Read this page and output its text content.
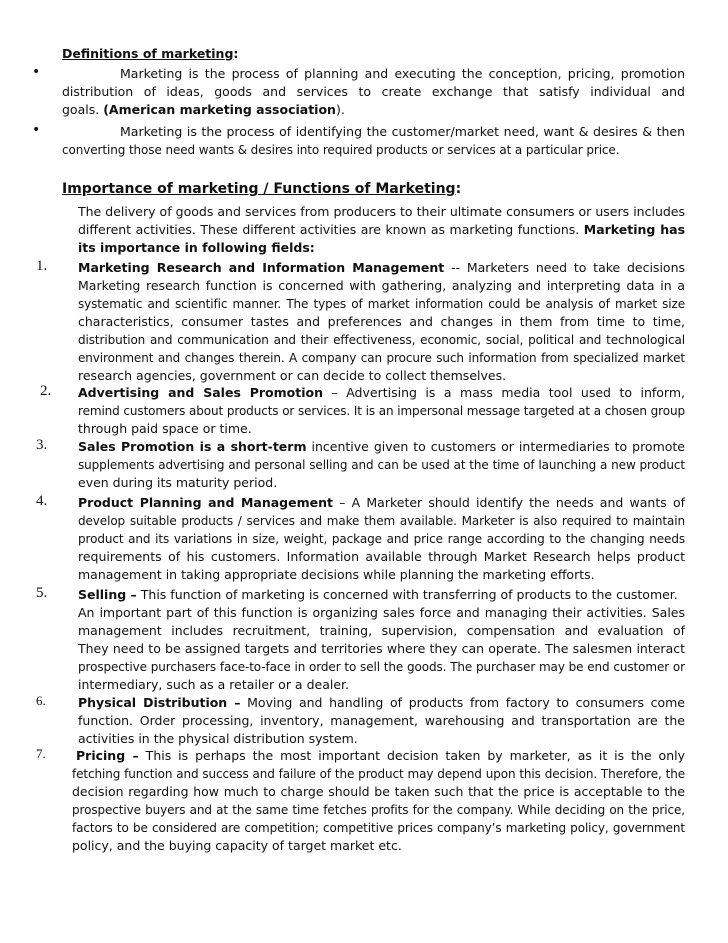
Definitions of marketing:
•	Marketing is the process of planning and executing the conception, pricing, promotion
distribution of ideas, goods and services to create exchange that satisfy individual and
goals. (American marketing association).
•	Marketing is the process of identifying the customer/market need, want & desires & then
converting those need wants & desires into required products or services at a particular price.
Importance of marketing / Functions of Marketing:
The delivery of goods and services from producers to their ultimate consumers or users includes
different activities. These different activities are known as marketing functions. Marketing has
its importance in following fields:
1. Marketing Research and Information Management -- Marketers need to take decisions
Marketing research function is concerned with gathering, analyzing and interpreting data in a
systematic and scientific manner. The types of market information could be analysis of market size
characteristics, consumer tastes and preferences and changes in them from time to time,
distribution and communication and their effectiveness, economic, social, political and technological
environment and changes therein. A company can procure such information from specialized market
research agencies, government or can decide to collect themselves.
2. Advertising and Sales Promotion – Advertising is a mass media tool used to inform,
remind customers about products or services. It is an impersonal message targeted at a chosen group
through paid space or time.
3. Sales Promotion is a short-term incentive given to customers or intermediaries to promote
supplements advertising and personal selling and can be used at the time of launching a new product
even during its maturity period.
4. Product Planning and Management – A Marketer should identify the needs and wants of
develop suitable products / services and make them available. Marketer is also required to maintain
product and its variations in size, weight, package and price range according to the changing needs
requirements of his customers. Information available through Market Research helps product
management in taking appropriate decisions while planning the marketing efforts.
5. Selling – This function of marketing is concerned with transferring of products to the customer.
An important part of this function is organizing sales force and managing their activities. Sales
management includes recruitment, training, supervision, compensation and evaluation of
They need to be assigned targets and territories where they can operate. The salesmen interact
prospective purchasers face-to-face in order to sell the goods. The purchaser may be end customer or
intermediary, such as a retailer or a dealer.
6.	Physical Distribution – Moving and handling of products from factory to consumers come
function. Order processing, inventory, management, warehousing and transportation are the
activities in the physical distribution system.
7. Pricing – This is perhaps the most important decision taken by marketer, as it is the only
fetching function and success and failure of the product may depend upon this decision. Therefore, the
decision regarding how much to charge should be taken such that the price is acceptable to the
prospective buyers and at the same time fetches profits for the company. While deciding on the price,
factors to be considered are competition; competitive prices company’s marketing policy, government
policy, and the buying capacity of target market etc.
